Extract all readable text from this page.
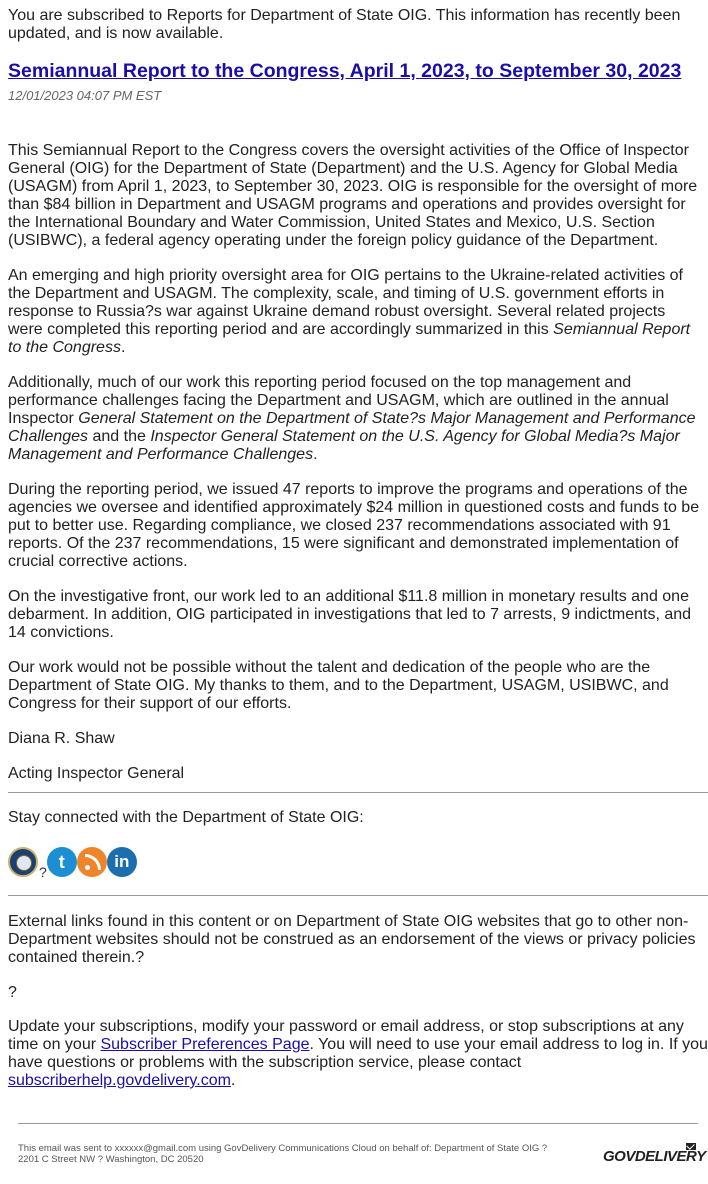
You are subscribed to Reports for Department of State OIG. This information has recently been updated, and is now available.

Semiannual Report to the Congress, April 1, 2023, to September 30, 2023

12/01/2023 04:07 PM EST

This Semiannual Report to the Congress covers the oversight activities of the Office of Inspector General (OIG) for the Department of State (Department) and the U.S. Agency for Global Media (USAGM) from April 1, 2023, to September 30, 2023. OIG is responsible for the oversight of more than $84 billion in Department and USAGM programs and operations and provides oversight for the International Boundary and Water Commission, United States and Mexico, U.S. Section (USIBWC), a federal agency operating under the foreign policy guidance of the Department.

An emerging and high priority oversight area for OIG pertains to the Ukraine-related activities of the Department and USAGM. The complexity, scale, and timing of U.S. government efforts in response to Russia?s war against Ukraine demand robust oversight. Several related projects were completed this reporting period and are accordingly summarized in this Semiannual Report to the Congress.

Additionally, much of our work this reporting period focused on the top management and performance challenges facing the Department and USAGM, which are outlined in the annual Inspector General Statement on the Department of State?s Major Management and Performance Challenges and the Inspector General Statement on the U.S. Agency for Global Media?s Major Management and Performance Challenges.

During the reporting period, we issued 47 reports to improve the programs and operations of the agencies we oversee and identified approximately $24 million in questioned costs and funds to be put to better use. Regarding compliance, we closed 237 recommendations associated with 91 reports. Of the 237 recommendations, 15 were significant and demonstrated implementation of crucial corrective actions.

On the investigative front, our work led to an additional $11.8 million in monetary results and one debarment. In addition, OIG participated in investigations that led to 7 arrests, 9 indictments, and 14 convictions.

Our work would not be possible without the talent and dedication of the people who are the Department of State OIG. My thanks to them, and to the Department, USAGM, USIBWC, and Congress for their support of our efforts.

Diana R. Shaw

Acting Inspector General

Stay connected with the Department of State OIG:

? t	in

External links found in this content or on Department of State OIG websites that go to other non-Department websites should not be construed as an endorsement of the views or privacy policies contained therein.?

?

Update your subscriptions, modify your password or email address, or stop subscriptions at any time on your Subscriber Preferences Page. You will need to use your email address to log in. If you have questions or problems with the subscription service, please contact subscriberhelp.govdelivery.com.

This email was sent to xxxxxx@gmail.com using GovDelivery Communications Cloud on behalf of: Department of State OIG ?
2201 C Street NW ? Washington, DC 20520	GOVDELIVERY
